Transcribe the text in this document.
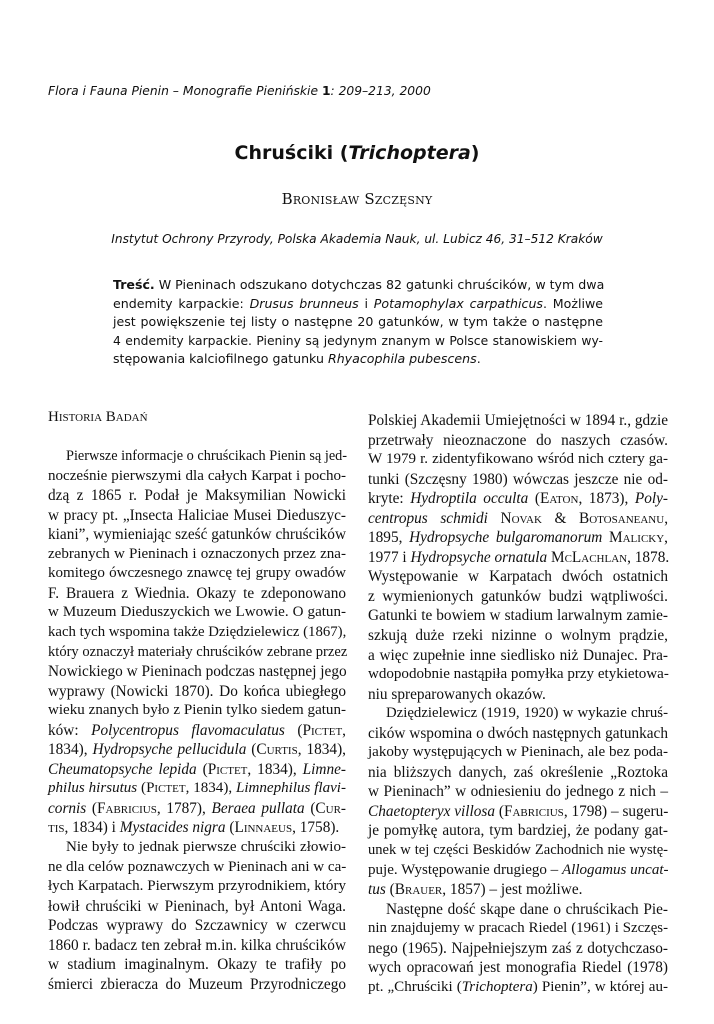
Flora i Fauna Pienin – Monografie Pienińskie 1: 209–213, 2000
Chruściki (Trichoptera)
Bronisław Szczęsny
Instytut Ochrony Przyrody, Polska Akademia Nauk, ul. Lubicz 46, 31–512 Kraków
Treść. W Pieninach odszukano dotychczas 82 gatunki chruścików, w tym dwa
endemity karpackie: Drusus brunneus i Potamophylax carpathicus. Możliwe
jest powiększenie tej listy o następne 20 gatunków, w tym także o następne
4 endemity karpackie. Pieniny są jedynym znanym w Polsce stanowiskiem wy-
stępowania kalciofilnego gatunku Rhyacophila pubescens.
Historia Badań
Pierwsze informacje o chruścikach Pienin są jed-
nocześnie pierwszymi dla całych Karpat i pocho-
dzą z 1865 r. Podał je Maksymilian Nowicki
w pracy pt. „Insecta Haliciae Musei Dieduszyc-
kiani”, wymieniając sześć gatunków chruścików
zebranych w Pieninach i oznaczonych przez zna-
komitego ówczesnego znawcę tej grupy owadów
F. Brauera z Wiednia. Okazy te zdeponowano
w Muzeum Dieduszyckich we Lwowie. O gatun-
kach tych wspomina także Dziędzielewicz (1867),
który oznaczył materiały chruścików zebrane przez
Nowickiego w Pieninach podczas następnej jego
wyprawy (Nowicki 1870). Do końca ubiegłego
wieku znanych było z Pienin tylko siedem gatun-
ków: Polycentropus flavomaculatus (Pictet,
1834), Hydropsyche pellucidula (Curtis, 1834),
Cheumatopsyche lepida (Pictet, 1834), Limne-
philus hirsutus (Pictet, 1834), Limnephilus flavi-
cornis (Fabricius, 1787), Beraea pullata (Cur-
tis, 1834) i Mystacides nigra (Linnaeus, 1758).
Nie były to jednak pierwsze chruściki złowio-
ne dla celów poznawczych w Pieninach ani w ca-
łych Karpatach. Pierwszym przyrodnikiem, który
łowił chruściki w Pieninach, był Antoni Waga.
Podczas wyprawy do Szczawnicy w czerwcu
1860 r. badacz ten zebrał m.in. kilka chruścików
w stadium imaginalnym. Okazy te trafiły po
śmierci zbieracza do Muzeum Przyrodniczego
Polskiej Akademii Umiejętności w 1894 r., gdzie
przetrwały nieoznaczone do naszych czasów.
W 1979 r. zidentyfikowano wśród nich cztery ga-
tunki (Szczęsny 1980) wówczas jeszcze nie od-
kryte: Hydroptila occulta (Eaton, 1873), Poly-
centropus schmidi Novak & Botosaneanu,
1895, Hydropsyche bulgaromanorum Malicky,
1977 i Hydropsyche ornatula McLachlan, 1878.
Występowanie w Karpatach dwóch ostatnich
z wymienionych gatunków budzi wątpliwości.
Gatunki te bowiem w stadium larwalnym zamie-
szkują duże rzeki nizinne o wolnym prądzie,
a więc zupełnie inne siedlisko niż Dunajec. Pra-
wdopodobnie nastąpiła pomyłka przy etykietowa-
niu spreparowanych okazów.
Dziędzielewicz (1919, 1920) w wykazie chruś-
cików wspomina o dwóch następnych gatunkach
jakoby występujących w Pieninach, ale bez poda-
nia bliższych danych, zaś określenie „Roztoka
w Pieninach” w odniesieniu do jednego z nich –
Chaetopteryx villosa (Fabricius, 1798) – sugeru-
je pomyłkę autora, tym bardziej, że podany gat-
unek w tej części Beskidów Zachodnich nie wystę-
puje. Występowanie drugiego – Allogamus uncat-
tus (Brauer, 1857) – jest możliwe.
Następne dość skąpe dane o chruścikach Pie-
nin znajdujemy w pracach Riedel (1961) i Szczęs-
nego (1965). Najpełniejszym zaś z dotychczaso-
wych opracowań jest monografia Riedel (1978)
pt. „Chruściki (Trichoptera) Pienin”, w której au-
